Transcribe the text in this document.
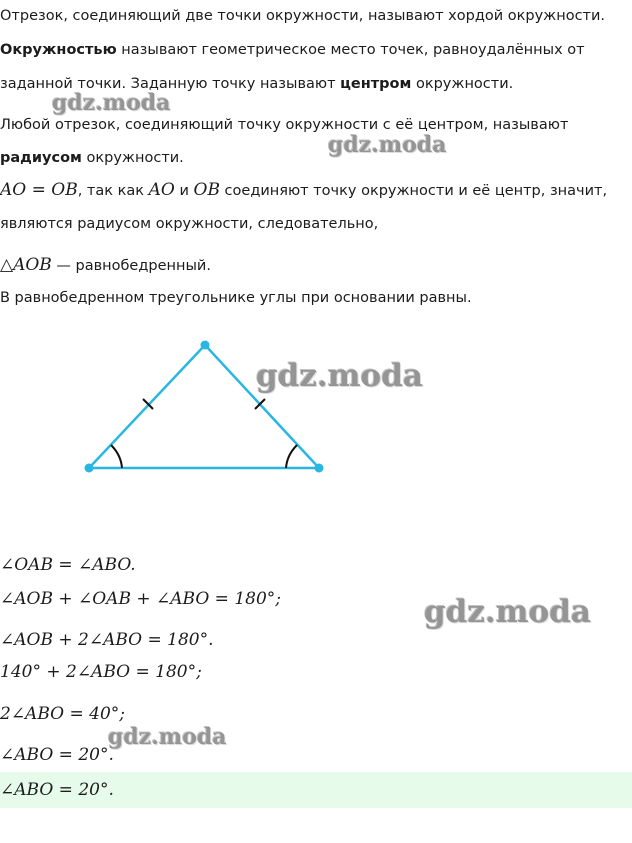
Отрезок, соединяющий две точки окружности, называют хордой окружности.
Окружностью называют геометрическое место точек, равноудалённых от
заданной точки. Заданную точку называют центром окружности.
Любой отрезок, соединяющий точку окружности с её центром, называют
радиусом окружности.
AO = OB, так как AO и OB соединяют точку окружности и её центр, значит,
являются радиусом окружности, следовательно,
△AOB — равнобедренный.
В равнобедренном треугольнике углы при основании равны.
∠OAB = ∠ABO.
∠AOB + ∠OAB + ∠ABO = 180°;
∠AOB + 2∠ABO = 180°.
140° + 2∠ABO = 180°;
2∠ABO = 40°;
∠ABO = 20°.
∠ABO = 20°.
gdz.moda
gdz.moda
gdz.moda
gdz.moda
gdz.moda
